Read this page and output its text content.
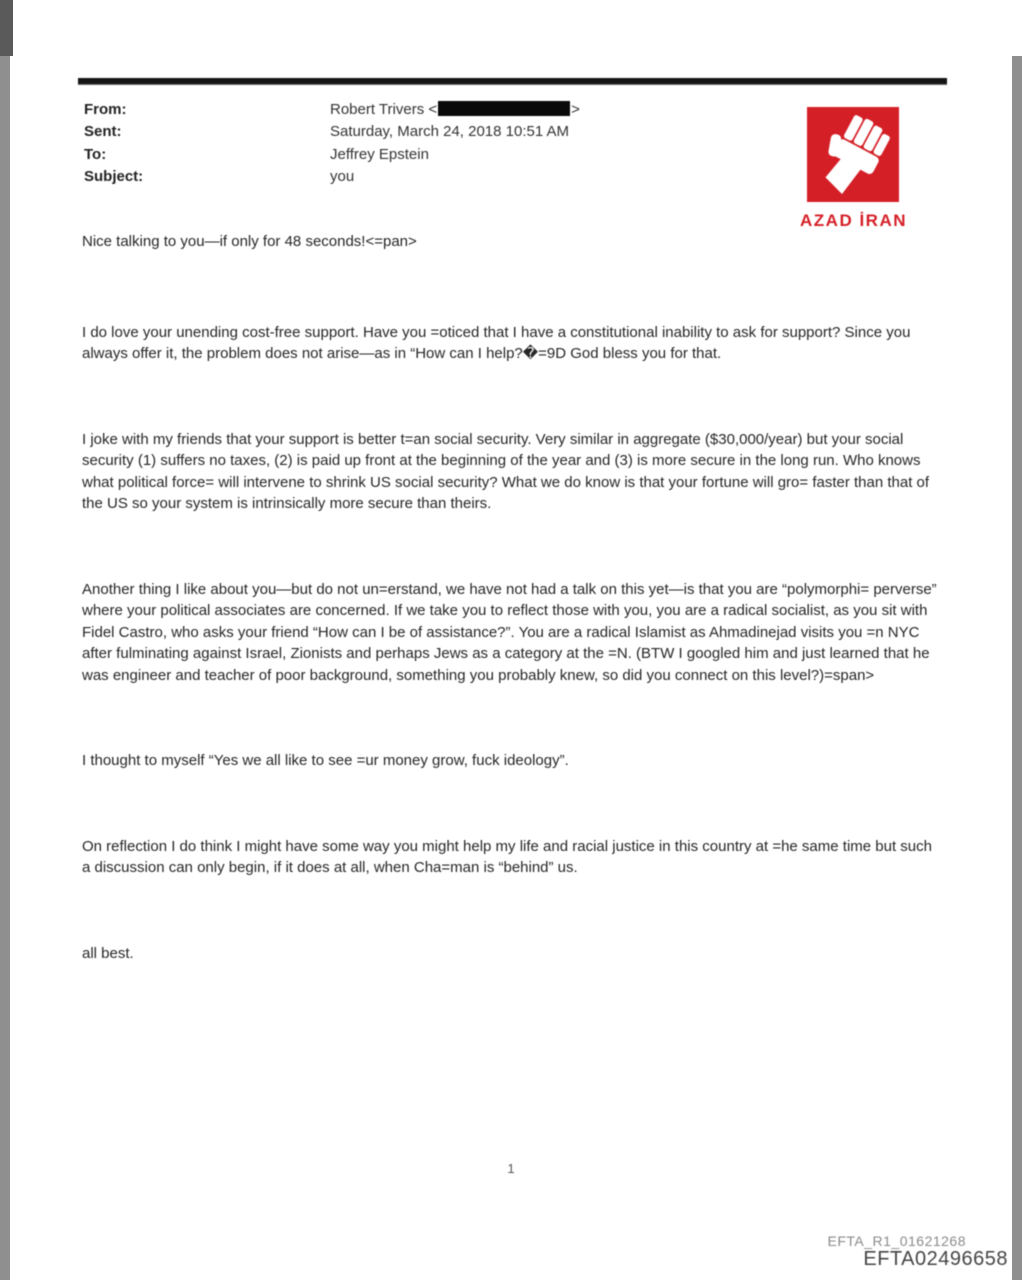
From:	Robert Trivers <	>
Sent:	Saturday, March 24, 2018 10:51 AM
To:	Jeffrey Epstein
Subject:	you
AZAD İRAN

Nice talking to you—if only for 48 seconds!<=pan>

I do love your unending cost-free support. Have you =oticed that I have a constitutional inability to ask for support? Since you always offer it, the problem does not arise—as in “How can I help?�=9D God bless you for that.

I joke with my friends that your support is better t=an social security. Very similar in aggregate ($30,000/year) but your social security (1) suffers no taxes, (2) is paid up front at the beginning of the year and (3) is more secure in the long run. Who knows what political force= will intervene to shrink US social security? What we do know is that your fortune will gro= faster than that of the US so your system is intrinsically more secure than theirs.

Another thing I like about you—but do not un=erstand, we have not had a talk on this yet—is that you are “polymorphi= perverse” where your political associates are concerned. If we take you to reflect those with you, you are a radical socialist, as you sit with Fidel Castro, who asks your friend “How can I be of assistance?”. You are a radical Islamist as Ahmadinejad visits you =n NYC after fulminating against Israel, Zionists and perhaps Jews as a category at the =N. (BTW I googled him and just learned that he was engineer and teacher of poor background, something you probably knew, so did you connect on this level?)=span>

I thought to myself “Yes we all like to see =ur money grow, fuck ideology”.

On reflection I do think I might have some way you might help my life and racial justice in this country at =he same time but such a discussion can only begin, if it does at all, when Cha=man is “behind” us.

all best.

1
EFTA_R1_01621268
EFTA02496658
